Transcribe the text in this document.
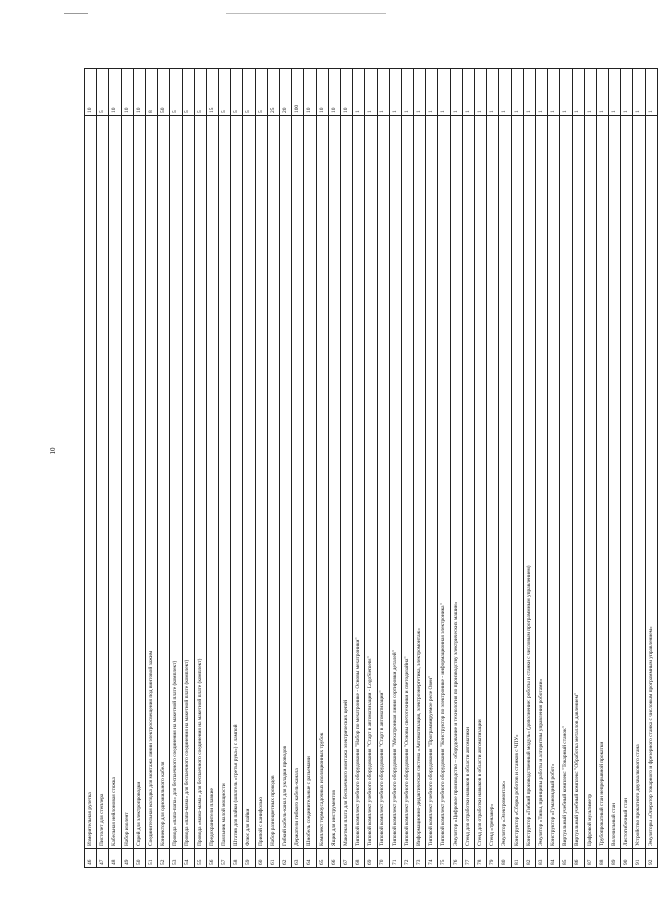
10
46	Измерительная рулетка	10
47	Пистолет для степлера	5
48	Кабельная нейлоновая стяжка	10
49	Набор изолент	10
50	Спрей для электропроводки	10
51	Соединительная колодка для монтажа линии электроосвещения под винтовой зажим	8
52	Коннектор для одножильного кабеля	50
53	Провода «папа-папа» для беспаечного соединения на макетной плате (комплект)	5
54	Провода «папа-мама» для беспаечного соединения на макетной плате (комплект)	5
55	Провода «мама-мама» для беспаечного соединения на макетной плате (комплект)	5
56	Предохранители плавкие	15
57	Паяльник малой мощности	5
58	Штатив для пайки (шпатель «третья рука») с лампой	5
59	Флюс для пайки	5
60	Припой с канифолью	5
61	Набор разноцветных проводов	25
62	Гибкий кабель-канал для укладки проводов	20
63	Держатели гибкого кабель-канала	100
64	Шнобель соединительные с разъемами	10
65	Комплект термоусадочных изоляционных трубок	10
66	Ящик для инструментов	10
67	Макетная плата для беспаечного монтажа электрических цепей	10
68	Типовой комплект учебного оборудования "Набор по мехатронике - Основы мехатроники"	1
69	Типовой комплект учебного оборудования "Старт в автоматизации - LogoSiemens"	1
70	Типовой комплект учебного оборудования "Старт в автоматизации"	1
71	Типовой комплект учебного оборудования "Мехатронная линия сортировки деталей"	1
72	Типовой комплект учебного оборудования "Основы светотехники и светодизайна"	1
73	Информационно-дидактическая система «Автоматизация, электроэнергетика, электромонтаж»	1
74	Типовой комплект учебного оборудования "Программируемое реле Овен"	1
75	Типовой комплект учебного оборудования "Конструктор по электронике - информационная электроника"	1
76	Эмулятор «Цифровое производство – оборудование и технология по производству электрических машин»	1
77	Стенд для отработки навыков в области автоматики	1
78	Стенд для отработки навыков в области автоматизации	1
79	Стенд «тренажер»	1
80	Эмулятор «Электромонтаж»	1
81	Конструктор «Сборка роботов и станков с ЧПУ»	1
82	Конструктор «Гибкий производственный модуль» (дополнение: роботы и станки с числовым программным управлением)	1
83	Эмулятор «Типы, принципы работы и алгоритмы управления роботами»	1
84	Конструктор «Гуманоидный робот»	1
85	Виртуальный учебный комплекс "Токарный станок"	1
86	Виртуальный учебный комплекс "Обработка металлов давлением"	1
87	Цифровой мультиметр	1
88	Трубопрокатный стан непрерывной прокатки	1
89	Волочильный стан	1
90	Листогибочный стан	1
91	Устройство прокатного двухвалкового стана	1
92	Эмуляторы «Оператор токарного и фрезерного станка с числовым программным управлением»	1
